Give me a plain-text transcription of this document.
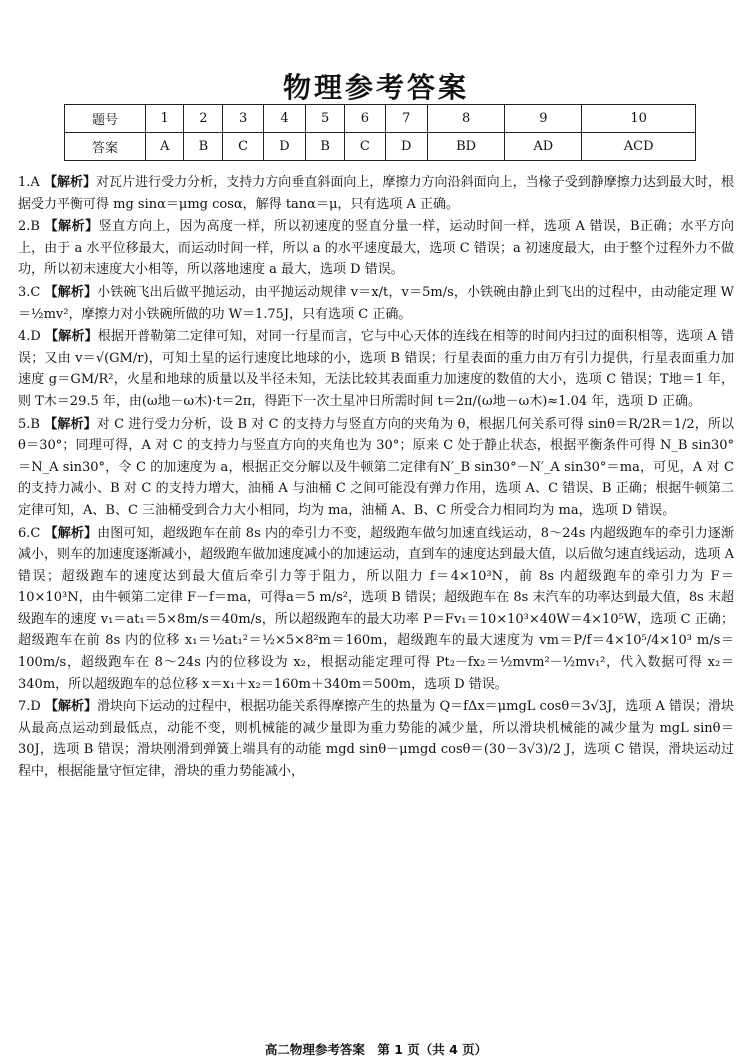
物理参考答案
题号	1	2	3	4	5	6	7	8	9	10
答案	A	B	C	D	B	C	D	BD	AD	ACD
1.A 【解析】对瓦片进行受力分析，支持力方向垂直斜面向上，摩擦力方向沿斜面向上，当椽子受到静摩擦力达到最大时，根据受力平衡可得 mg sinα＝μmg cosα，解得 tanα＝μ，只有选项 A 正确。
2.B 【解析】竖直方向上，因为高度一样，所以初速度的竖直分量一样，运动时间一样，选项 A 错误，B正确；水平方向上，由于 a 水平位移最大，而运动时间一样，所以 a 的水平速度最大，选项 C 错误；a 初速度最大，由于整个过程外力不做功，所以初末速度大小相等，所以落地速度 a 最大，选项 D 错误。
3.C 【解析】小铁碗飞出后做平抛运动，由平抛运动规律 v＝x/t，v＝5m/s，小铁碗由静止到飞出的过程中，由动能定理 W＝½mv²，摩擦力对小铁碗所做的功 W＝1.75J，只有选项 C 正确。
4.D 【解析】根据开普勒第二定律可知，对同一行星而言，它与中心天体的连线在相等的时间内扫过的面积相等，选项 A 错误；又由 v＝√(GM/r)，可知土星的运行速度比地球的小，选项 B 错误；行星表面的重力由万有引力提供，行星表面重力加速度 g＝GM/R²，火星和地球的质量以及半径未知，无法比较其表面重力加速度的数值的大小，选项 C 错误；T地＝1 年，则 T木＝29.5 年，由(ω地－ω木)·t＝2π，得距下一次土星冲日所需时间 t＝2π/(ω地－ω木)≈1.04 年，选项 D 正确。
5.B 【解析】对 C 进行受力分析，设 B 对 C 的支持力与竖直方向的夹角为 θ，根据几何关系可得 sinθ＝R/2R＝1/2，所以 θ＝30°；同理可得，A 对 C 的支持力与竖直方向的夹角也为 30°；原来 C 处于静止状态，根据平衡条件可得 N_B sin30°＝N_A sin30°，令 C 的加速度为 a，根据正交分解以及牛顿第二定律有N′_B sin30°－N′_A sin30°＝ma，可见，A 对 C 的支持力减小、B 对 C 的支持力增大，油桶 A 与油桶 C 之间可能没有弹力作用，选项 A、C 错误、B 正确；根据牛顿第二定律可知，A、B、C 三油桶受到合力大小相同，均为 ma，油桶 A、B、C 所受合力相同均为 ma，选项 D 错误。
6.C 【解析】由图可知，超级跑车在前 8s 内的牵引力不变，超级跑车做匀加速直线运动，8～24s 内超级跑车的牵引力逐渐减小，则车的加速度逐渐减小，超级跑车做加速度减小的加速运动，直到车的速度达到最大值，以后做匀速直线运动，选项 A 错误；超级跑车的速度达到最大值后牵引力等于阻力，所以阻力 f＝4×10³N，前 8s 内超级跑车的牵引力为 F＝10×10³N，由牛顿第二定律 F－f＝ma，可得a＝5 m/s²，选项 B 错误；超级跑车在 8s 末汽车的功率达到最大值，8s 末超级跑车的速度 v₁＝at₁＝5×8m/s＝40m/s，所以超级跑车的最大功率 P＝Fv₁＝10×10³×40W＝4×10⁵W，选项 C 正确；超级跑车在前 8s 内的位移 x₁＝½at₁²＝½×5×8²m＝160m，超级跑车的最大速度为 vm＝P/f＝4×10⁵/4×10³ m/s＝100m/s，超级跑车在 8～24s 内的位移设为 x₂，根据动能定理可得 Pt₂－fx₂＝½mvm²－½mv₁²，代入数据可得 x₂＝340m，所以超级跑车的总位移 x＝x₁＋x₂＝160m＋340m＝500m，选项 D 错误。
7.D 【解析】滑块向下运动的过程中，根据功能关系得摩擦产生的热量为 Q＝fΔx＝μmgL cosθ＝3√3J，选项 A 错误；滑块从最高点运动到最低点，动能不变，则机械能的减少量即为重力势能的减少量，所以滑块机械能的减少量为 mgL sinθ＝30J，选项 B 错误；滑块刚滑到弹簧上端具有的动能 mgd sinθ－μmgd cosθ＝(30－3√3)/2 J，选项 C 错误，滑块运动过程中，根据能量守恒定律，滑块的重力势能减小，
高二物理参考答案　第 1 页（共 4 页）
